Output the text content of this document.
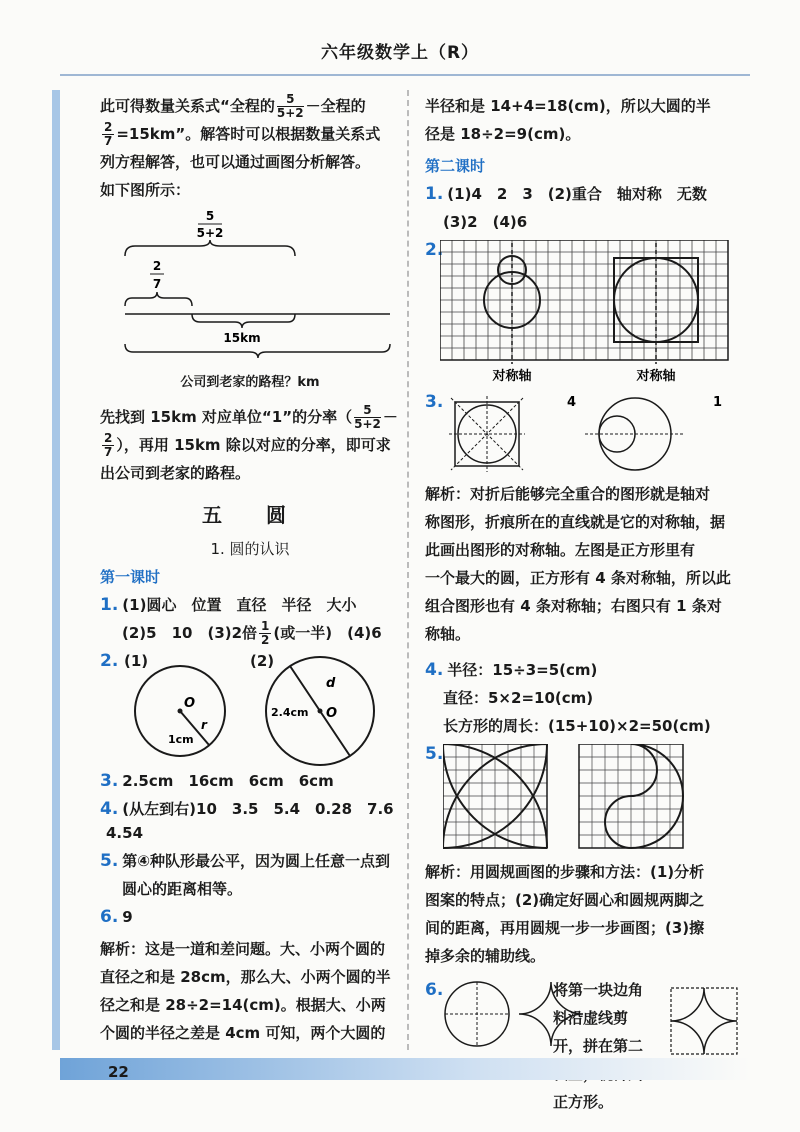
六年级数学上（R）

此可得数量关系式“全程的 $\frac{5}{5+2}$ －全程的

$\frac{2}{7} =15km$”。解答时可以根据数量关系式

列方程解答，也可以通过画图分析解答。

如下图所示：

5
5+2
2
7
15km

公司到老家的路程？km

先找到 15km 对应单位“1”的分率（ $\frac{5}{5+2}$ －

$\frac{2}{7}$ ），再用 15km 除以对应的分率，即可求

出公司到老家的路程。

五　圆
1. 圆的认识

第一课时

1. (1)圆心　位置　直径　半径　大小

(2)5　10　(3)2倍 $\frac{1}{2}$ (或一半)　(4)6

2. (1)	(2)
O
r
1cm
d
O
2.4cm

3. 2.5cm　16cm　6cm　6cm

4. (从左到右)10　3.5　5.4　0.28　7.6

4.54

5. 第④种队形最公平，因为圆上任意一点到

圆心的距离相等。

6. 9

解析：这是一道和差问题。大、小两个圆的

直径之和是 28cm，那么大、小两个圆的半

径之和是 28÷2=14(cm)。根据大、小两

个圆的半径之差是 4cm 可知，两个大圆的

半径和是 14+4=18(cm)，所以大圆的半

径是 18÷2=9(cm)。

第二课时

1. (1)4　2　3　(2)重合　轴对称　无数

(3)2　(4)6

2.
对称轴	对称轴
3.	4	1

解析：对折后能够完全重合的图形就是轴对

称图形，折痕所在的直线就是它的对称轴，据

此画出图形的对称轴。左图是正方形里有

一个最大的圆，正方形有 4 条对称轴，所以此

组合图形也有 4 条对称轴；右图只有 1 条对

称轴。

4. 半径：15÷3=5(cm)

直径：5×2=10(cm)

长方形的周长：(15+10)×2=50(cm)

5.

解析：用圆规画图的步骤和方法：(1)分析

图案的特点；(2)确定好圆心和圆规两脚之

间的距离，再用圆规一步一步画图；(3)擦

掉多余的辅助线。

6.	将第一块边角
料沿虚线剪
开，拼在第二
正方形。
22
